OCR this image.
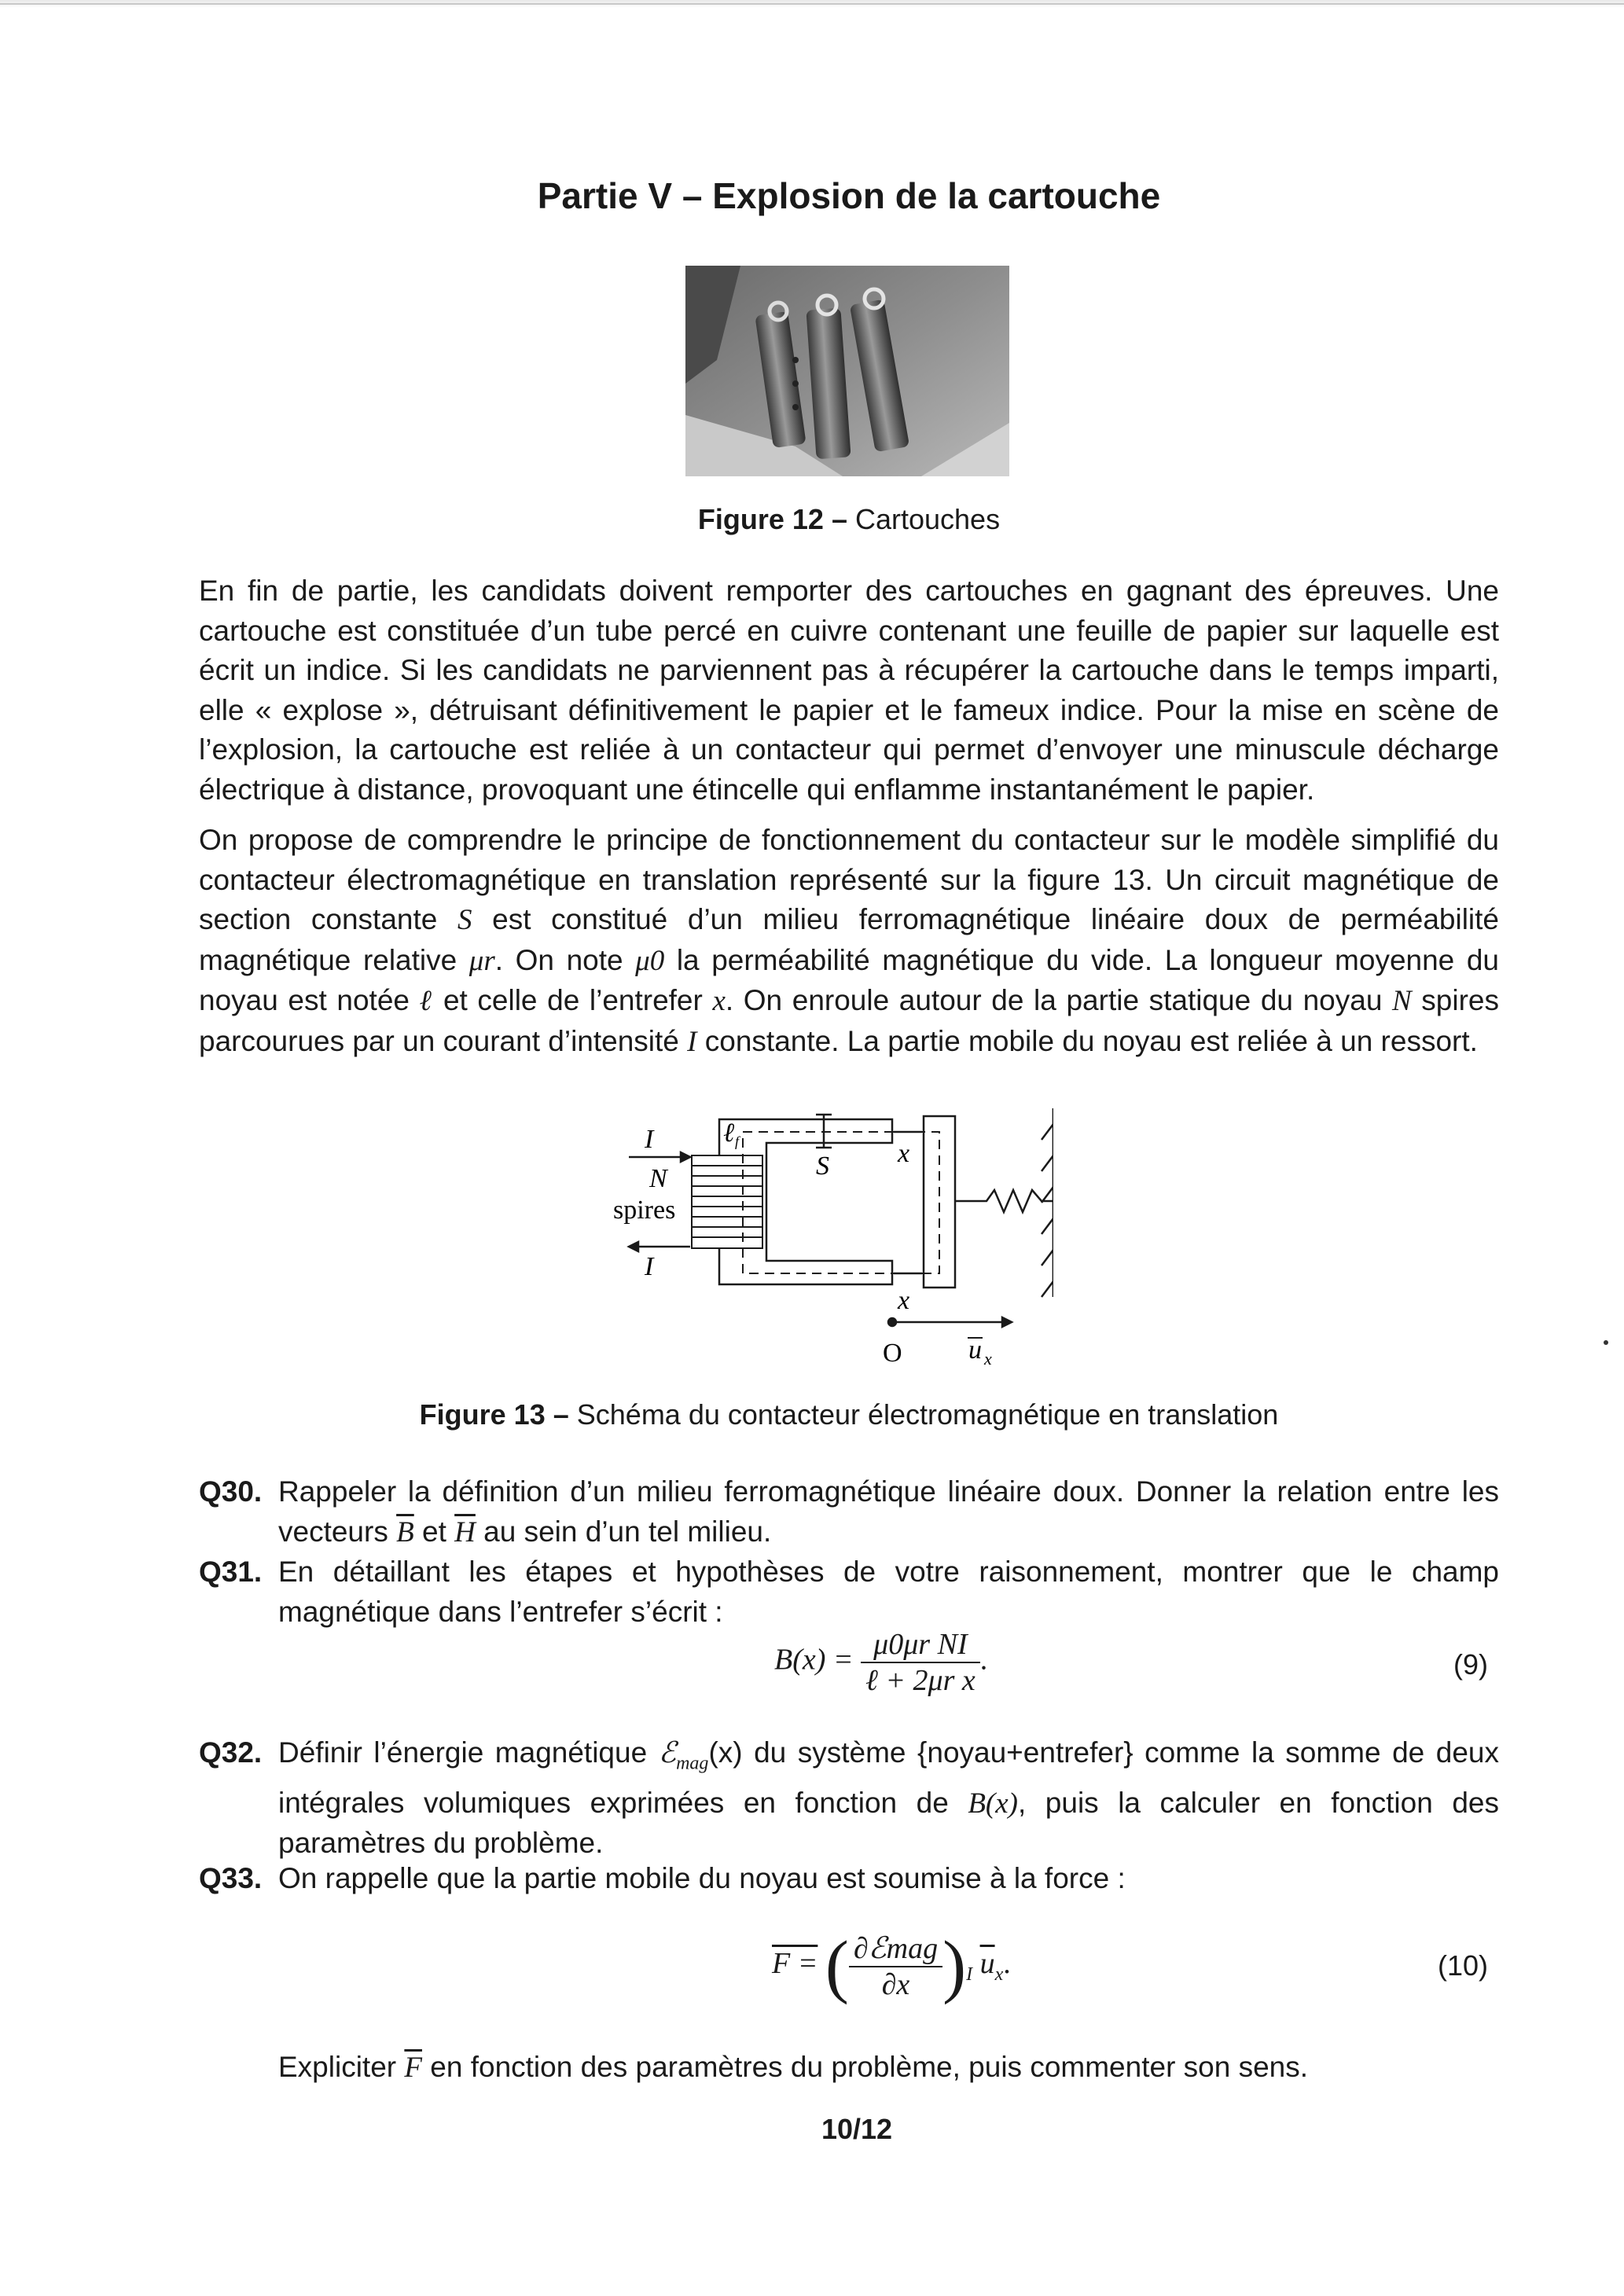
Partie V – Explosion de la cartouche
Figure 12 – Cartouches

En fin de partie, les candidats doivent remporter des cartouches en gagnant des épreuves. Une cartouche est constituée d’un tube percé en cuivre contenant une feuille de papier sur laquelle est écrit un indice. Si les candidats ne parviennent pas à récupérer la cartouche dans le temps imparti, elle « explose », détruisant définitivement le papier et le fameux indice. Pour la mise en scène de l’explosion, la cartouche est reliée à un contacteur qui permet d’envoyer une minuscule décharge électrique à distance, provoquant une étincelle qui enflamme instantanément le papier.

On propose de comprendre le principe de fonctionnement du contacteur sur le modèle simplifié du contacteur électromagnétique en translation représenté sur la figure 13. Un circuit magnétique de section constante S est constitué d’un milieu ferromagnétique linéaire doux de perméabilité magnétique relative μr. On note μ0 la perméabilité magnétique du vide. La longueur moyenne du noyau est notée ℓ et celle de l’entrefer x. On enroule autour de la partie statique du noyau N spires parcourues par un courant d’intensité I constante. La partie mobile du noyau est reliée à un ressort.

I
N
spires
I
ℓ f
S	x
x
O u x
Figure 13 – Schéma du contacteur électromagnétique en translation
Q30. Rappeler la définition d’un milieu ferromagnétique linéaire doux. Donner la relation entre les vecteurs $\overline{B}$ et $\overline{H}$ au sein d’un tel milieu.
Q31. En détaillant les étapes et hypothèses de votre raisonnement, montrer que le champ magnétique dans l’entrefer s’écrit :
$B(x) = \frac{\text{μ0μr NI}}{\text{ℓ + 2μr x}}$ .	(9)
Q32. Définir l’énergie magnétique ℰ$_{mag}$(x) du système {noyau+entrefer} comme la somme de deux intégrales volumiques exprimées en fonction de B(x), puis la calculer en fonction des paramètres du problème.
Q33. On rappelle que la partie mobile du noyau est soumise à la force :
F = ( $\frac{\text{∂ℰmag}}{\partial x} )_I$ $\overline{u}_x$.	(10)
Expliciter $\overline{F}$ en fonction des paramètres du problème, puis commenter son sens.
10/12
